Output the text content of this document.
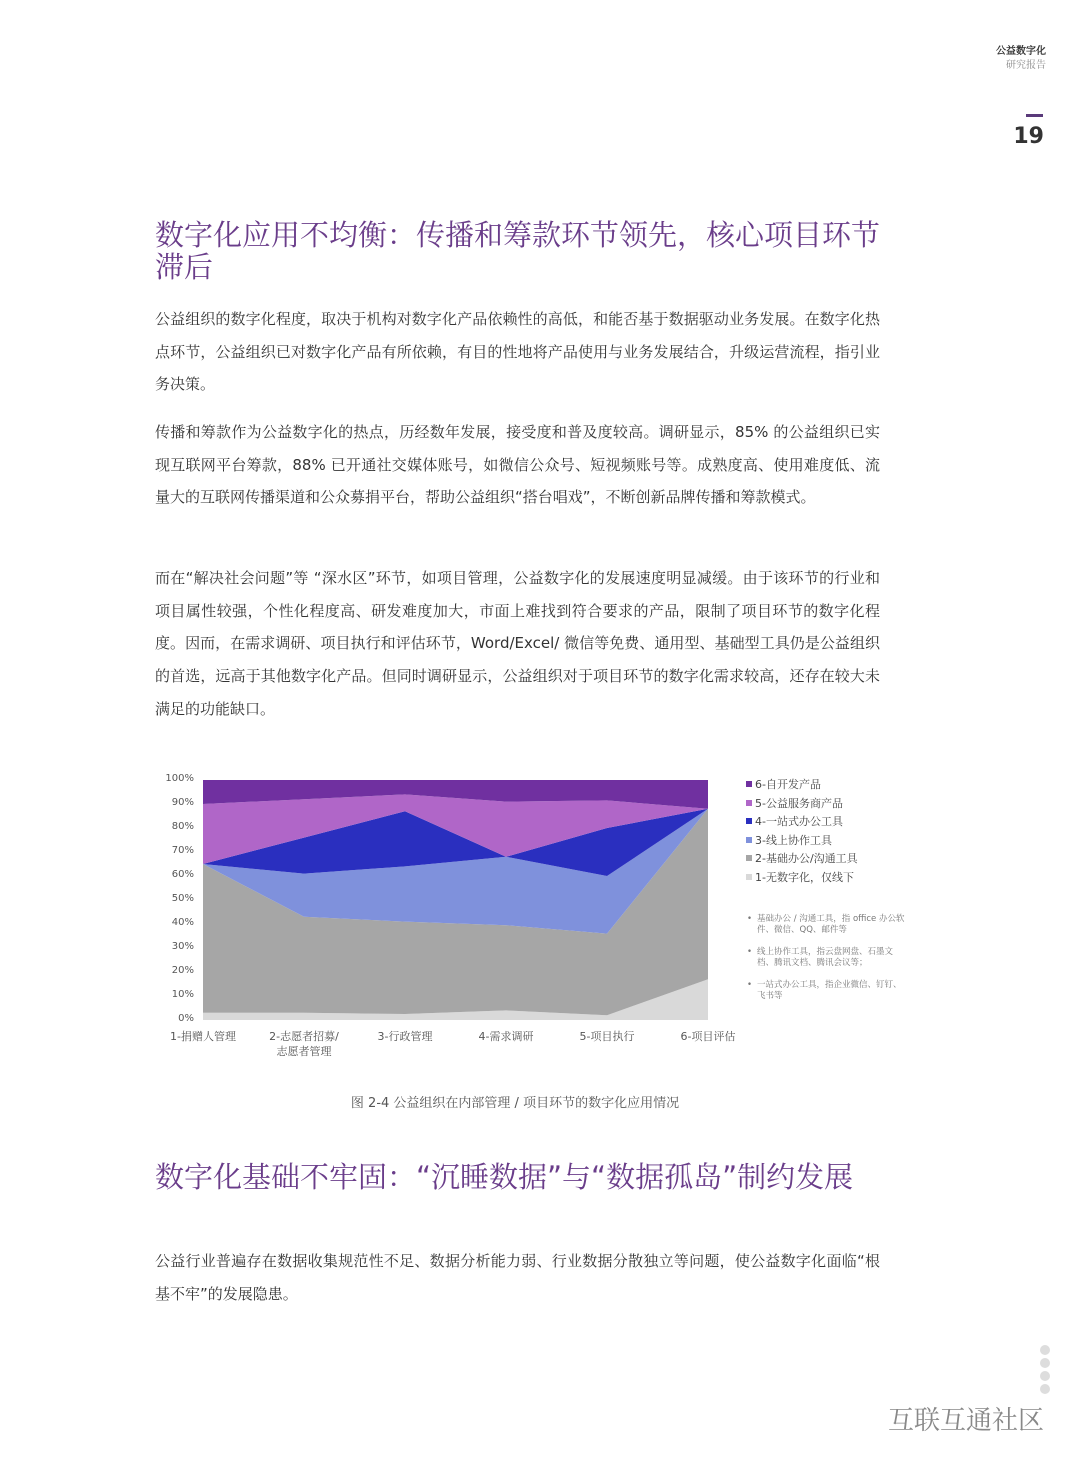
公益数字化
研究报告
19
数字化应用不均衡：传播和筹款环节领先，核心项目环节滞后
公益组织的数字化程度，取决于机构对数字化产品依赖性的高低，和能否基于数据驱动业务发展。在数字化热点环节，公益组织已对数字化产品有所依赖，有目的性地将产品使用与业务发展结合，升级运营流程，指引业务决策。
传播和筹款作为公益数字化的热点，历经数年发展，接受度和普及度较高。调研显示，85% 的公益组织已实现互联网平台筹款，88% 已开通社交媒体账号，如微信公众号、短视频账号等。成熟度高、使用难度低、流量大的互联网传播渠道和公众募捐平台，帮助公益组织“搭台唱戏”，不断创新品牌传播和筹款模式。
而在“解决社会问题”等 “深水区”环节，如项目管理，公益数字化的发展速度明显减缓。由于该环节的行业和项目属性较强，个性化程度高、研发难度加大，市面上难找到符合要求的产品，限制了项目环节的数字化程度。因而，在需求调研、项目执行和评估环节，Word/Excel/ 微信等免费、通用型、基础型工具仍是公益组织的首选，远高于其他数字化产品。但同时调研显示，公益组织对于项目环节的数字化需求较高，还存在较大未满足的功能缺口。
0%
10%
20%
30%
40%
50%
60%
70%
80%
90%
100%
1-捐赠人管理	2-志愿者招募/
志愿者管理
3-行政管理	4-需求调研	5-项目执行	6-项目评估
6-自开发产品
5-公益服务商产品
4-一站式办公工具
3-线上协作工具
2-基础办公/沟通工具
1-无数字化，仅线下
• 基础办公 / 沟通工具，指 office 办公软件、微信、QQ、邮件等
• 线上协作工具，指云盘网盘、石墨文档、腾讯文档、腾讯会议等；
• 一站式办公工具，指企业微信、钉钉、飞书等
图 2-4 公益组织在内部管理 / 项目环节的数字化应用情况
数字化基础不牢固：“沉睡数据”与“数据孤岛”制约发展
公益行业普遍存在数据收集规范性不足、数据分析能力弱、行业数据分散独立等问题，使公益数字化面临“根基不牢”的发展隐患。
互联互通社区
